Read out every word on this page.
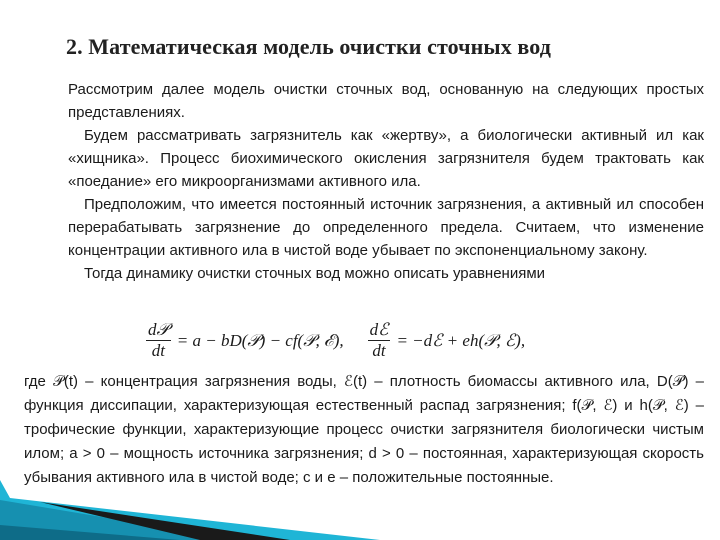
2. Математическая модель очистки сточных вод

Рассмотрим далее модель очистки сточных вод, основанную на следующих простых представлениях.

Будем рассматривать загрязнитель как «жертву», а биологически активный ил как «хищника». Процесс биохимического окисления загрязнителя будем трактовать как «поедание» его микроорганизмами активного ила.

Предположим, что имеется постоянный источник загрязнения, а активный ил способен перерабатывать загрязнение до определенного предела. Считаем, что изменение концентрации активного ила в чистой воде убывает по экспоненциальному закону.

Тогда динамику очистки сточных вод можно описать уравнениями

$\frac{\text{d𝒫}}{dt} = a$ − bD(𝒫) − cf(𝒫, ℰ), $\frac{\text{dℰ}}{dt}$ = −dℰ + eh(𝒫, ℰ),

где 𝒫(t) – концентрация загрязнения воды, ℰ(t) – плотность биомассы активного ила, D(𝒫) – функция диссипации, характеризующая естественный распад загрязнения; f(𝒫, ℰ) и h(𝒫, ℰ) – трофические функции, характеризующие процесс очистки загрязнителя биологически чистым илом; a > 0 – мощность источника загрязнения; d > 0 – постоянная, характеризующая скорость убывания активного ила в чистой воде; c и e – положительные постоянные.
